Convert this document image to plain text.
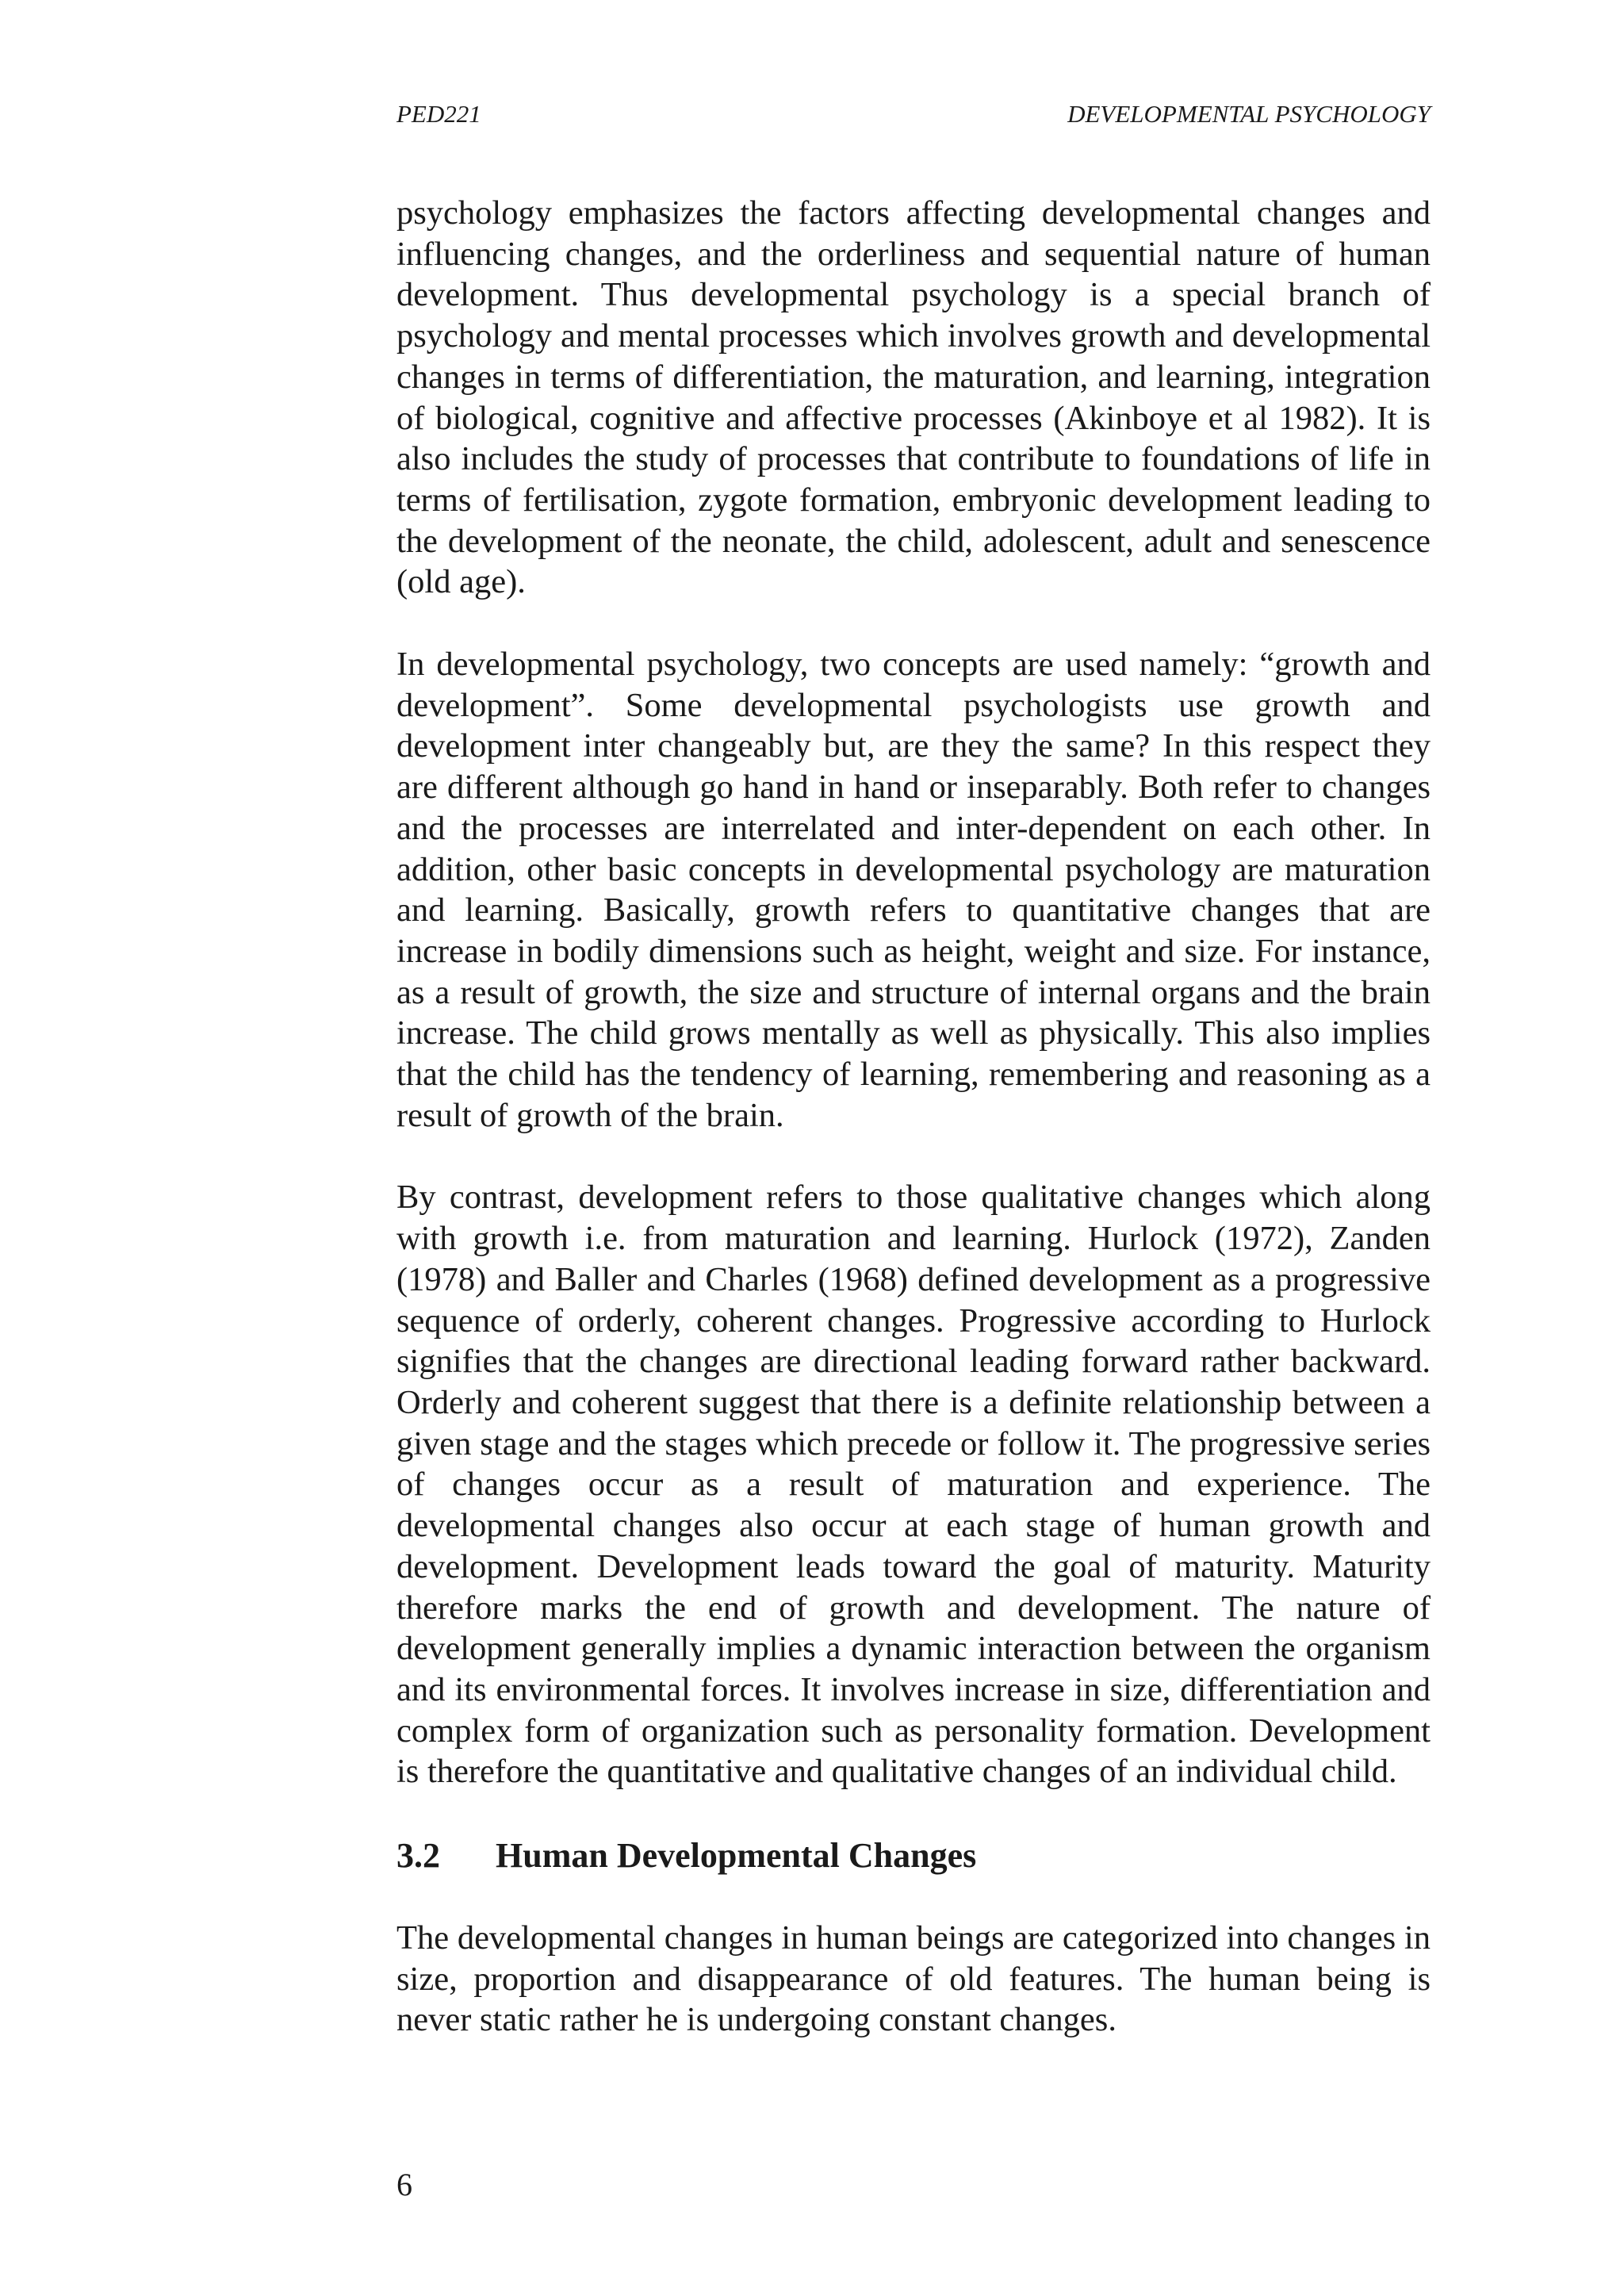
PED221	DEVELOPMENTAL PSYCHOLOGY

psychology emphasizes the factors affecting developmental changes and influencing changes, and the orderliness and sequential nature of human development. Thus developmental psychology is a special branch of psychology and mental processes which involves growth and developmental changes in terms of differentiation, the maturation, and learning, integration of biological, cognitive and affective processes (Akinboye et al 1982). It is also includes the study of processes that contribute to foundations of life in terms of fertilisation, zygote formation, embryonic development leading to the development of the neonate, the child, adolescent, adult and senescence (old age).

In developmental psychology, two concepts are used namely: “growth and development”. Some developmental psychologists use growth and development inter changeably but, are they the same? In this respect they are different although go hand in hand or inseparably. Both refer to changes and the processes are interrelated and inter-dependent on each other. In addition, other basic concepts in developmental psychology are maturation and learning. Basically, growth refers to quantitative changes that are increase in bodily dimensions such as height, weight and size. For instance, as a result of growth, the size and structure of internal organs and the brain increase. The child grows mentally as well as physically. This also implies that the child has the tendency of learning, remembering and reasoning as a result of growth of the brain.

By contrast, development refers to those qualitative changes which along with growth i.e. from maturation and learning. Hurlock (1972), Zanden (1978) and Baller and Charles (1968) defined development as a progressive sequence of orderly, coherent changes. Progressive according to Hurlock signifies that the changes are directional leading forward rather backward. Orderly and coherent suggest that there is a definite relationship between a given stage and the stages which precede or follow it. The progressive series of changes occur as a result of maturation and experience. The developmental changes also occur at each stage of human growth and development. Development leads toward the goal of maturity. Maturity therefore marks the end of growth and development. The nature of development generally implies a dynamic interaction between the organism and its environmental forces. It involves increase in size, differentiation and complex form of organization such as personality formation. Development is therefore the quantitative and qualitative changes of an individual child.

3.2 Human Developmental Changes

The developmental changes in human beings are categorized into changes in size, proportion and disappearance of old features. The human being is never static rather he is undergoing constant changes.

6
